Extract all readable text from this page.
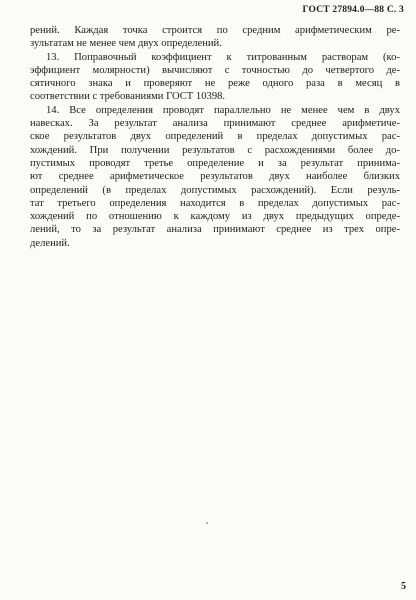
ГОСТ 27894.0—88 С. 3
рений. Каждая точка строится по средним арифметическим ре-
зультатам не менее чем двух определений.
13. Поправочный коэффициент к титрованным растворам (ко-
эффициент молярности) вычисляют с точностью до четвертого де-
сятичного знака и проверяют не реже одного раза в месяц в
соответствии с требованиями ГОСТ 10398.
14. Все определения проводят параллельно не менее чем в двух
навесках. За результат анализа принимают среднее арифметиче-
ское результатов двух определений в пределах допустимых рас-
хождений. При получении результатов с расхождениями более до-
пустимых проводят третье определение и за результат принима-
ют среднее арифметическое результатов двух наиболее близких
определений (в пределах допустимых расхождений). Если резуль-
тат третьего определения находится в пределах допустимых рас-
хождений по отношению к каждому из двух предыдущих опреде-
лений, то за результат анализа принимают среднее из трех опре-
делений.
5
